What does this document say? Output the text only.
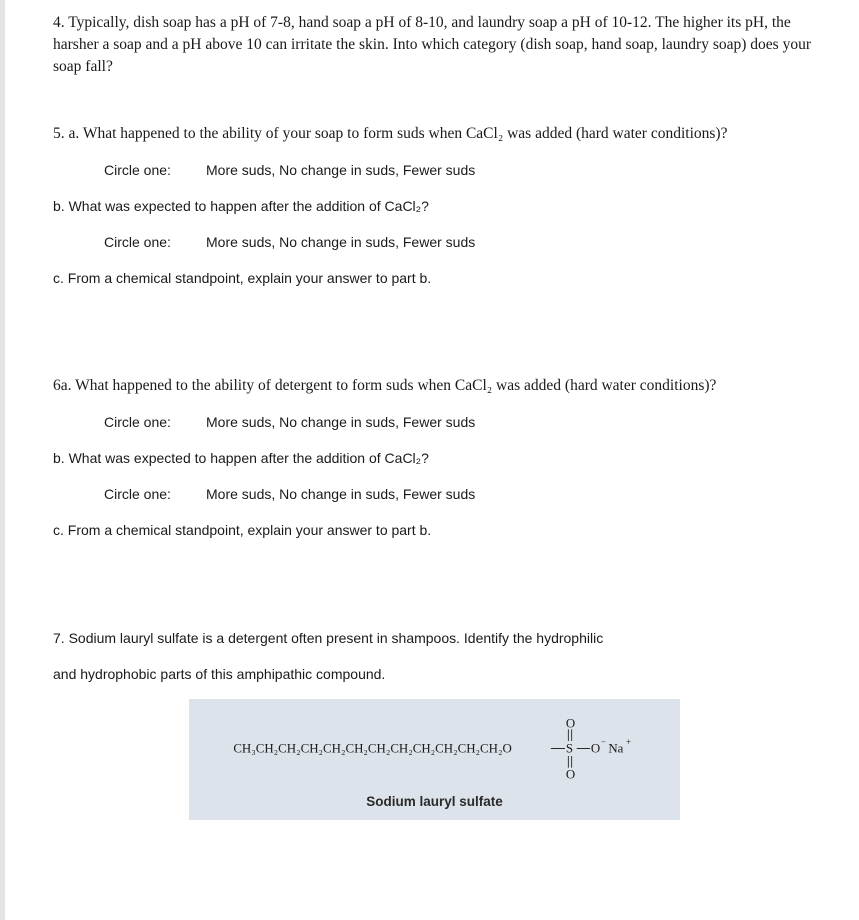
4. Typically, dish soap has a pH of 7-8, hand soap a pH of 8-10, and laundry soap a pH of 10-12. The higher its pH, the harsher a soap and a pH above 10 can irritate the skin. Into which category (dish soap, hand soap, laundry soap) does your soap fall?
5. a. What happened to the ability of your soap to form suds when CaCl₂ was added (hard water conditions)?
Circle one:	More suds, No change in suds, Fewer suds
b. What was expected to happen after the addition of CaCl₂?
Circle one:	More suds, No change in suds, Fewer suds
c. From a chemical standpoint, explain your answer to part b.
6a. What happened to the ability of detergent to form suds when CaCl₂ was added (hard water conditions)?
Circle one:	More suds, No change in suds, Fewer suds
b. What was expected to happen after the addition of CaCl₂?
Circle one:	More suds, No change in suds, Fewer suds
c. From a chemical standpoint, explain your answer to part b.
7. Sodium lauryl sulfate is a detergent often present in shampoos. Identify the hydrophilic
and hydrophobic parts of this amphipathic compound.
Sodium lauryl sulfate
CH₃CH₂CH₂CH₂CH₂CH₂CH₂CH₂CH₂CH₂CH₂CH₂O
O
S
O
O − Na +
